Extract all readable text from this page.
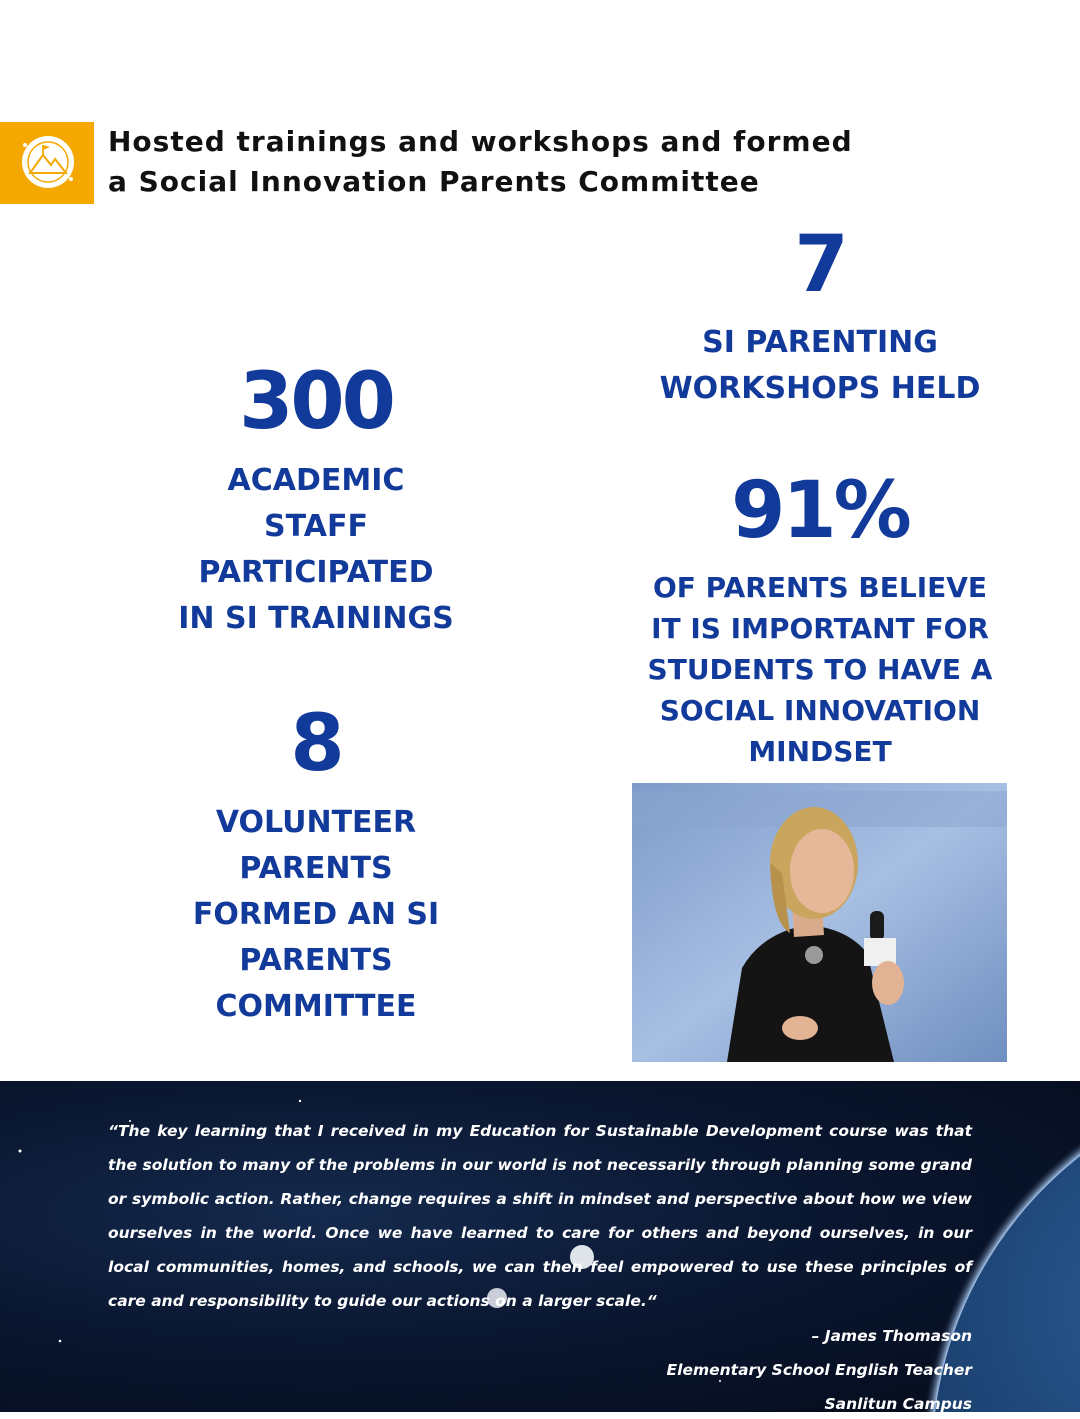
Hosted trainings and workshops and formed
a Social Innovation Parents Committee
300
ACADEMIC
STAFF
PARTICIPATED
IN SI TRAININGS
8
VOLUNTEER
PARENTS
FORMED AN SI
PARENTS
COMMITTEE
7
SI PARENTING
WORKSHOPS HELD
91%
OF PARENTS BELIEVE
IT IS IMPORTANT FOR
STUDENTS TO HAVE A
SOCIAL INNOVATION
MINDSET
“The key learning that I received in my Education for Sustainable Development course was that the solution to many of the problems in our world is not necessarily through planning some grand or symbolic action. Rather, change requires a shift in mindset and perspective about how we view ourselves in the world. Once we have learned to care for others and beyond ourselves, in our local communities, homes, and schools, we can then feel empowered to use these principles of care and responsibility to guide our actions on a larger scale.“
– James Thomason
Elementary School English Teacher
Sanlitun Campus
